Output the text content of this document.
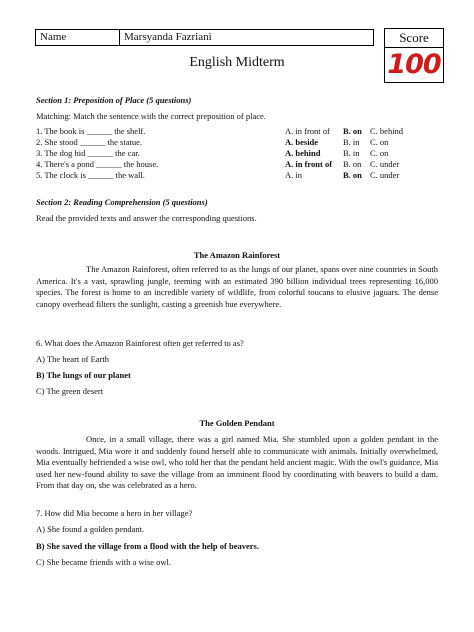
Name	Marsyanda Fazriani	Score
100
English Midterm
Section 1: Preposition of Place (5 questions)
Matching: Match the sentence with the correct preposition of place.
1. The book is ______ the shelf.	A. in front of B. on C. behind
2. She stood ______ the statue.	A. beside	B. in C. on
3. The dog hid ______ the car.	A. behind	B. in C. on
4. There's a pond ______ the house.	A. in front of B. on C. under
5. The clock is ______ the wall.	A. in	B. on C. under
Section 2: Reading Comprehension (5 questions)
Read the provided texts and answer the corresponding questions.
The Amazon Rainforest
The Amazon Rainforest, often referred to as the lungs of our planet, spans over nine countries in South America. It's a vast, sprawling jungle, teeming with an estimated 390 billion individual trees representing 16,000 species. The forest is home to an incredible variety of wildlife, from colorful toucans to elusive jaguars. The dense canopy overhead filters the sunlight, casting a greenish hue everywhere.
6. What does the Amazon Rainforest often get referred to as?
A) The heart of Earth
B) The lungs of our planet
C) The green desert
The Golden Pendant
Once, in a small village, there was a girl named Mia. She stumbled upon a golden pendant in the woods. Intrigued, Mia wore it and suddenly found herself able to communicate with animals. Initially overwhelmed, Mia eventually befriended a wise owl, who told her that the pendant held ancient magic. With the owl's guidance, Mia used her new-found ability to save the village from an imminent flood by coordinating with beavers to build a dam. From that day on, she was celebrated as a hero.
7. How did Mia become a hero in her village?
A) She found a golden pendant.
B) She saved the village from a flood with the help of beavers.
C) She became friends with a wise owl.
